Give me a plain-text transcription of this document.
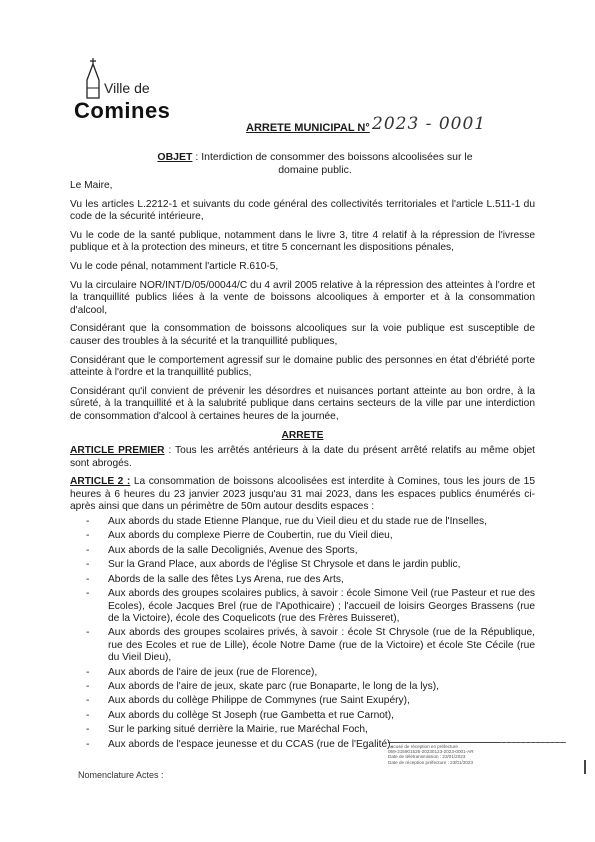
Ville de
Comines
ARRETE MUNICIPAL N° 2023 - 0001
OBJET : Interdiction de consommer des boissons alcoolisées sur le domaine public.

Le Maire,

Vu les articles L.2212-1 et suivants du code général des collectivités territoriales et l'article L.511-1 du code de la sécurité intérieure,

Vu le code de la santé publique, notamment dans le livre 3, titre 4 relatif à la répression de l'ivresse publique et à la protection des mineurs, et titre 5 concernant les dispositions pénales,

Vu le code pénal, notamment l'article R.610-5,

Vu la circulaire NOR/INT/D/05/00044/C du 4 avril 2005 relative à la répression des atteintes à l'ordre et la tranquillité publics liées à la vente de boissons alcooliques à emporter et à la consommation d'alcool,

Considérant que la consommation de boissons alcooliques sur la voie publique est susceptible de causer des troubles à la sécurité et la tranquillité publiques,

Considérant que le comportement agressif sur le domaine public des personnes en état d'ébriété porte atteinte à l'ordre et la tranquillité publics,

Considérant qu'il convient de prévenir les désordres et nuisances portant atteinte au bon ordre, à la sûreté, à la tranquillité et à la salubrité publique dans certains secteurs de la ville par une interdiction de consommation d'alcool à certaines heures de la journée,

ARRETE

ARTICLE PREMIER : Tous les arrêtés antérieurs à la date du présent arrêté relatifs au même objet sont abrogés.

ARTICLE 2 : La consommation de boissons alcoolisées est interdite à Comines, tous les jours de 15 heures à 6 heures du 23 janvier 2023 jusqu'au 31 mai 2023, dans les espaces publics énumérés ci-après ainsi que dans un périmètre de 50m autour desdits espaces :

- Aux abords du stade Etienne Planque, rue du Vieil dieu et du stade rue de l'Inselles,
- Aux abords du complexe Pierre de Coubertin, rue du Vieil dieu,
- Aux abords de la salle Decoligniés, Avenue des Sports,
- Sur la Grand Place, aux abords de l'église St Chrysole et dans le jardin public,
- Abords de la salle des fêtes Lys Arena, rue des Arts,
- Aux abords des groupes scolaires publics, à savoir : école Simone Veil (rue Pasteur et rue des Ecoles), école Jacques Brel (rue de l'Apothicaire) ; l'accueil de loisirs Georges Brassens (rue de la Victoire), école des Coquelicots (rue des Frères Buisseret),
- Aux abords des groupes scolaires privés, à savoir : école St Chrysole (rue de la République, rue des Ecoles et rue de Lille), école Notre Dame (rue de la Victoire) et école Ste Cécile (rue du Vieil Dieu),
- Aux abords de l'aire de jeux (rue de Florence),
- Aux abords de l'aire de jeux, skate parc (rue Bonaparte, le long de la lys),
- Aux abords du collège Philippe de Commynes (rue Saint Exupéry),
- Aux abords du collège St Joseph (rue Gambetta et rue Carnot),
- Sur le parking situé derrière la Mairie, rue Maréchal Foch,
- Aux abords de l'espace jeunesse et du CCAS (rue de l'Egalité),
Accusé de réception en préfecture
059-215901526-20230123-2023-0001-AR
Date de télétransmission : 23/01/2023
Date de réception préfecture : 23/01/2023
Nomenclature Actes :
